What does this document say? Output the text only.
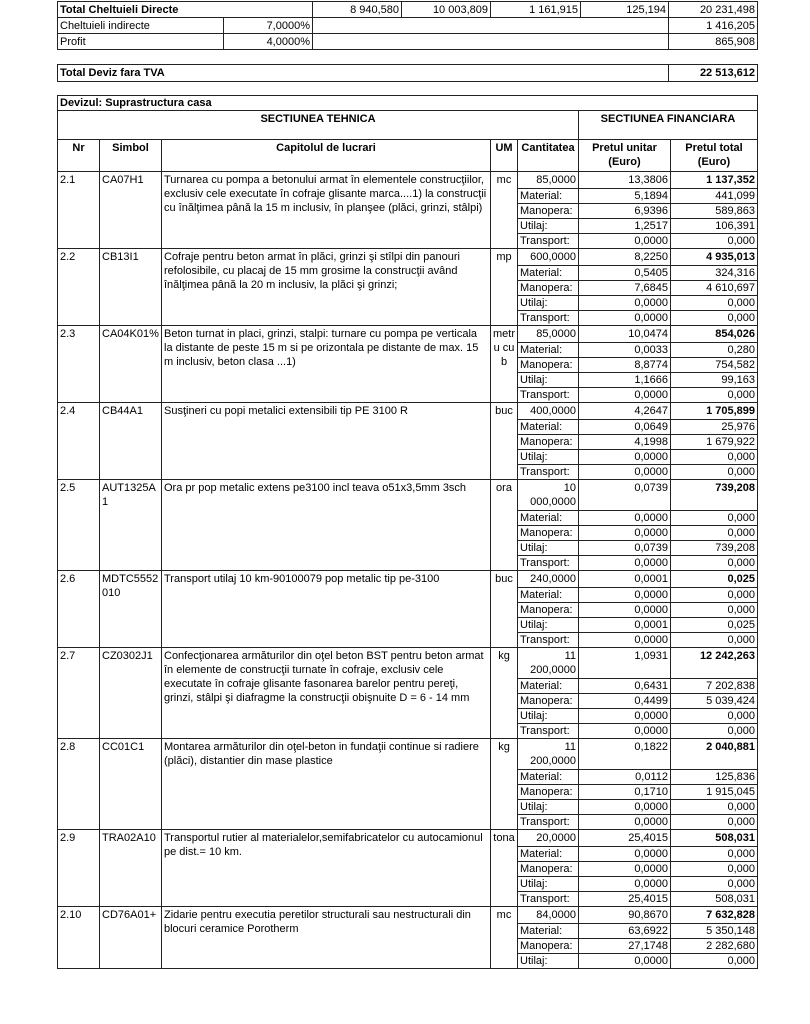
Total Cheltuieli Directe		8 940,580	10 003,809	1 161,915	125,194	20 231,498
Cheltuieli indirecte	7,0000%					1 416,205
Profit	4,0000%					865,908
Total Deviz fara TVA	22 513,612
Devizul: Suprastructura casa						
SECTIUNEA TEHNICA					SECTIUNEA FINANCIARA	
Nr	Simbol	Capitolul de lucrari	UM	Cantitatea	Pretul unitar (Euro)	Pretul total (Euro)
2.1	CA07H1	Turnarea cu pompa a betonului armat în elementele construcţiilor, exclusiv cele executate în cofraje glisante marca....1) la construcţii cu înălţimea până la 15 m inclusiv, în planşee (plăci, grinzi, stâlpi)	mc	85,0000	13,3806	1 137,352
				Material:	5,1894	441,099
				Manopera:	6,9396	589,863
				Utilaj:	1,2517	106,391
				Transport:	0,0000	0,000
2.2	CB13I1	Cofraje pentru beton armat în plăci, grinzi şi stîlpi din panouri refolosibile, cu placaj de 15 mm grosime la construcţii având înălţimea până la 20 m inclusiv, la plăci şi grinzi;	mp	600,0000	8,2250	4 935,013
				Material:	0,5405	324,316
				Manopera:	7,6845	4 610,697
				Utilaj:	0,0000	0,000
				Transport:	0,0000	0,000
2.3	CA04K01%	Beton turnat in placi, grinzi, stalpi: turnare cu pompa pe verticala la distante de peste 15 m si pe orizontala pe distante de max. 15 m inclusiv, beton clasa ...1)	metru cub	85,0000	10,0474	854,026
				Material:	0,0033	0,280
				Manopera:	8,8774	754,582
				Utilaj:	1,1666	99,163
				Transport:	0,0000	0,000
2.4	CB44A1	Susţineri cu popi metalici extensibili tip PE 3100 R	buc	400,0000	4,2647	1 705,899
				Material:	0,0649	25,976
				Manopera:	4,1998	1 679,922
				Utilaj:	0,0000	0,000
				Transport:	0,0000	0,000
2.5	AUT1325A1	Ora pr pop metalic extens pe3100 incl teava o51x3,5mm 3sch	ora	10 000,0000	0,0739	739,208
				Material:	0,0000	0,000
				Manopera:	0,0000	0,000
				Utilaj:	0,0739	739,208
				Transport:	0,0000	0,000
2.6	MDTC5552010	Transport utilaj 10 km-90100079 pop metalic tip pe-3100	buc	240,0000	0,0001	0,025
				Material:	0,0000	0,000
				Manopera:	0,0000	0,000
				Utilaj:	0,0001	0,025
				Transport:	0,0000	0,000
2.7	CZ0302J1	Confecţionarea armăturilor din oţel beton BST pentru beton armat în elemente de construcţii turnate în cofraje, exclusiv cele executate în cofraje glisante fasonarea barelor pentru pereţi, grinzi, stâlpi şi diafragme la construcţii obişnuite D = 6 - 14 mm	kg	11 200,0000	1,0931	12 242,263
				Material:	0,6431	7 202,838
				Manopera:	0,4499	5 039,424
				Utilaj:	0,0000	0,000
				Transport:	0,0000	0,000
2.8	CC01C1	Montarea armăturilor din oţel-beton in fundaţii continue si radiere (plăci), distantier din mase plastice	kg	11 200,0000	0,1822	2 040,881
				Material:	0,0112	125,836
				Manopera:	0,1710	1 915,045
				Utilaj:	0,0000	0,000
				Transport:	0,0000	0,000
2.9	TRA02A10	Transportul rutier al materialelor,semifabricatelor cu autocamionul pe dist.= 10 km.	tona	20,0000	25,4015	508,031
				Material:	0,0000	0,000
				Manopera:	0,0000	0,000
				Utilaj:	0,0000	0,000
				Transport:	25,4015	508,031
2.10	CD76A01+	Zidarie pentru executia peretilor structurali sau nestructurali din blocuri ceramice Porotherm	mc	84,0000	90,8670	7 632,828
				Material:	63,6922	5 350,148
				Manopera:	27,1748	2 282,680
				Utilaj:	0,0000	0,000
